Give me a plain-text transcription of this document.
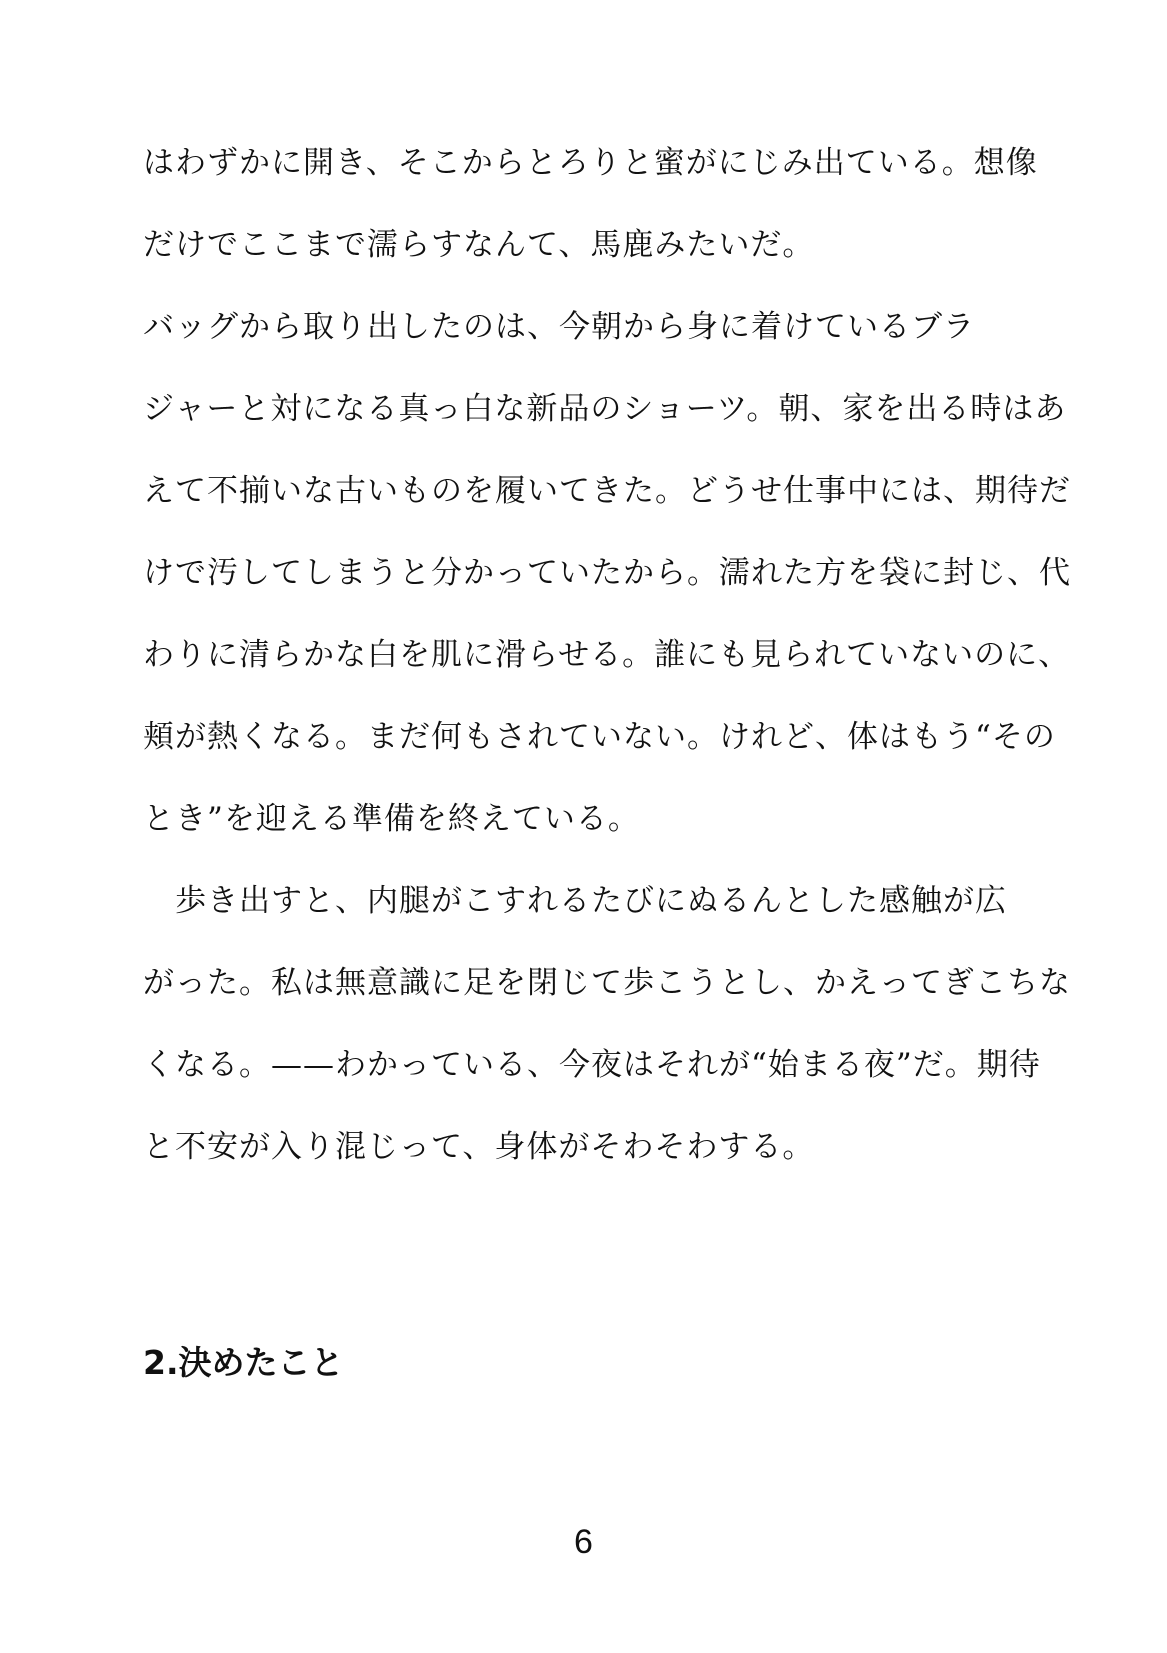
はわずかに開き、そこからとろりと蜜がにじみ出ている。想像
だけでここまで濡らすなんて、馬鹿みたいだ。
バッグから取り出したのは、今朝から身に着けているブラ
ジャーと対になる真っ白な新品のショーツ。朝、家を出る時はあ
えて不揃いな古いものを履いてきた。どうせ仕事中には、期待だ
けで汚してしまうと分かっていたから。濡れた方を袋に封じ、代
わりに清らかな白を肌に滑らせる。誰にも見られていないのに、
頬が熱くなる。まだ何もされていない。けれど、体はもう“その
とき”を迎える準備を終えている。
　歩き出すと、内腿がこすれるたびにぬるんとした感触が広
がった。私は無意識に足を閉じて歩こうとし、かえってぎこちな
くなる。——わかっている、今夜はそれが“始まる夜”だ。期待
と不安が入り混じって、身体がそわそわする。
2.決めたこと
6
